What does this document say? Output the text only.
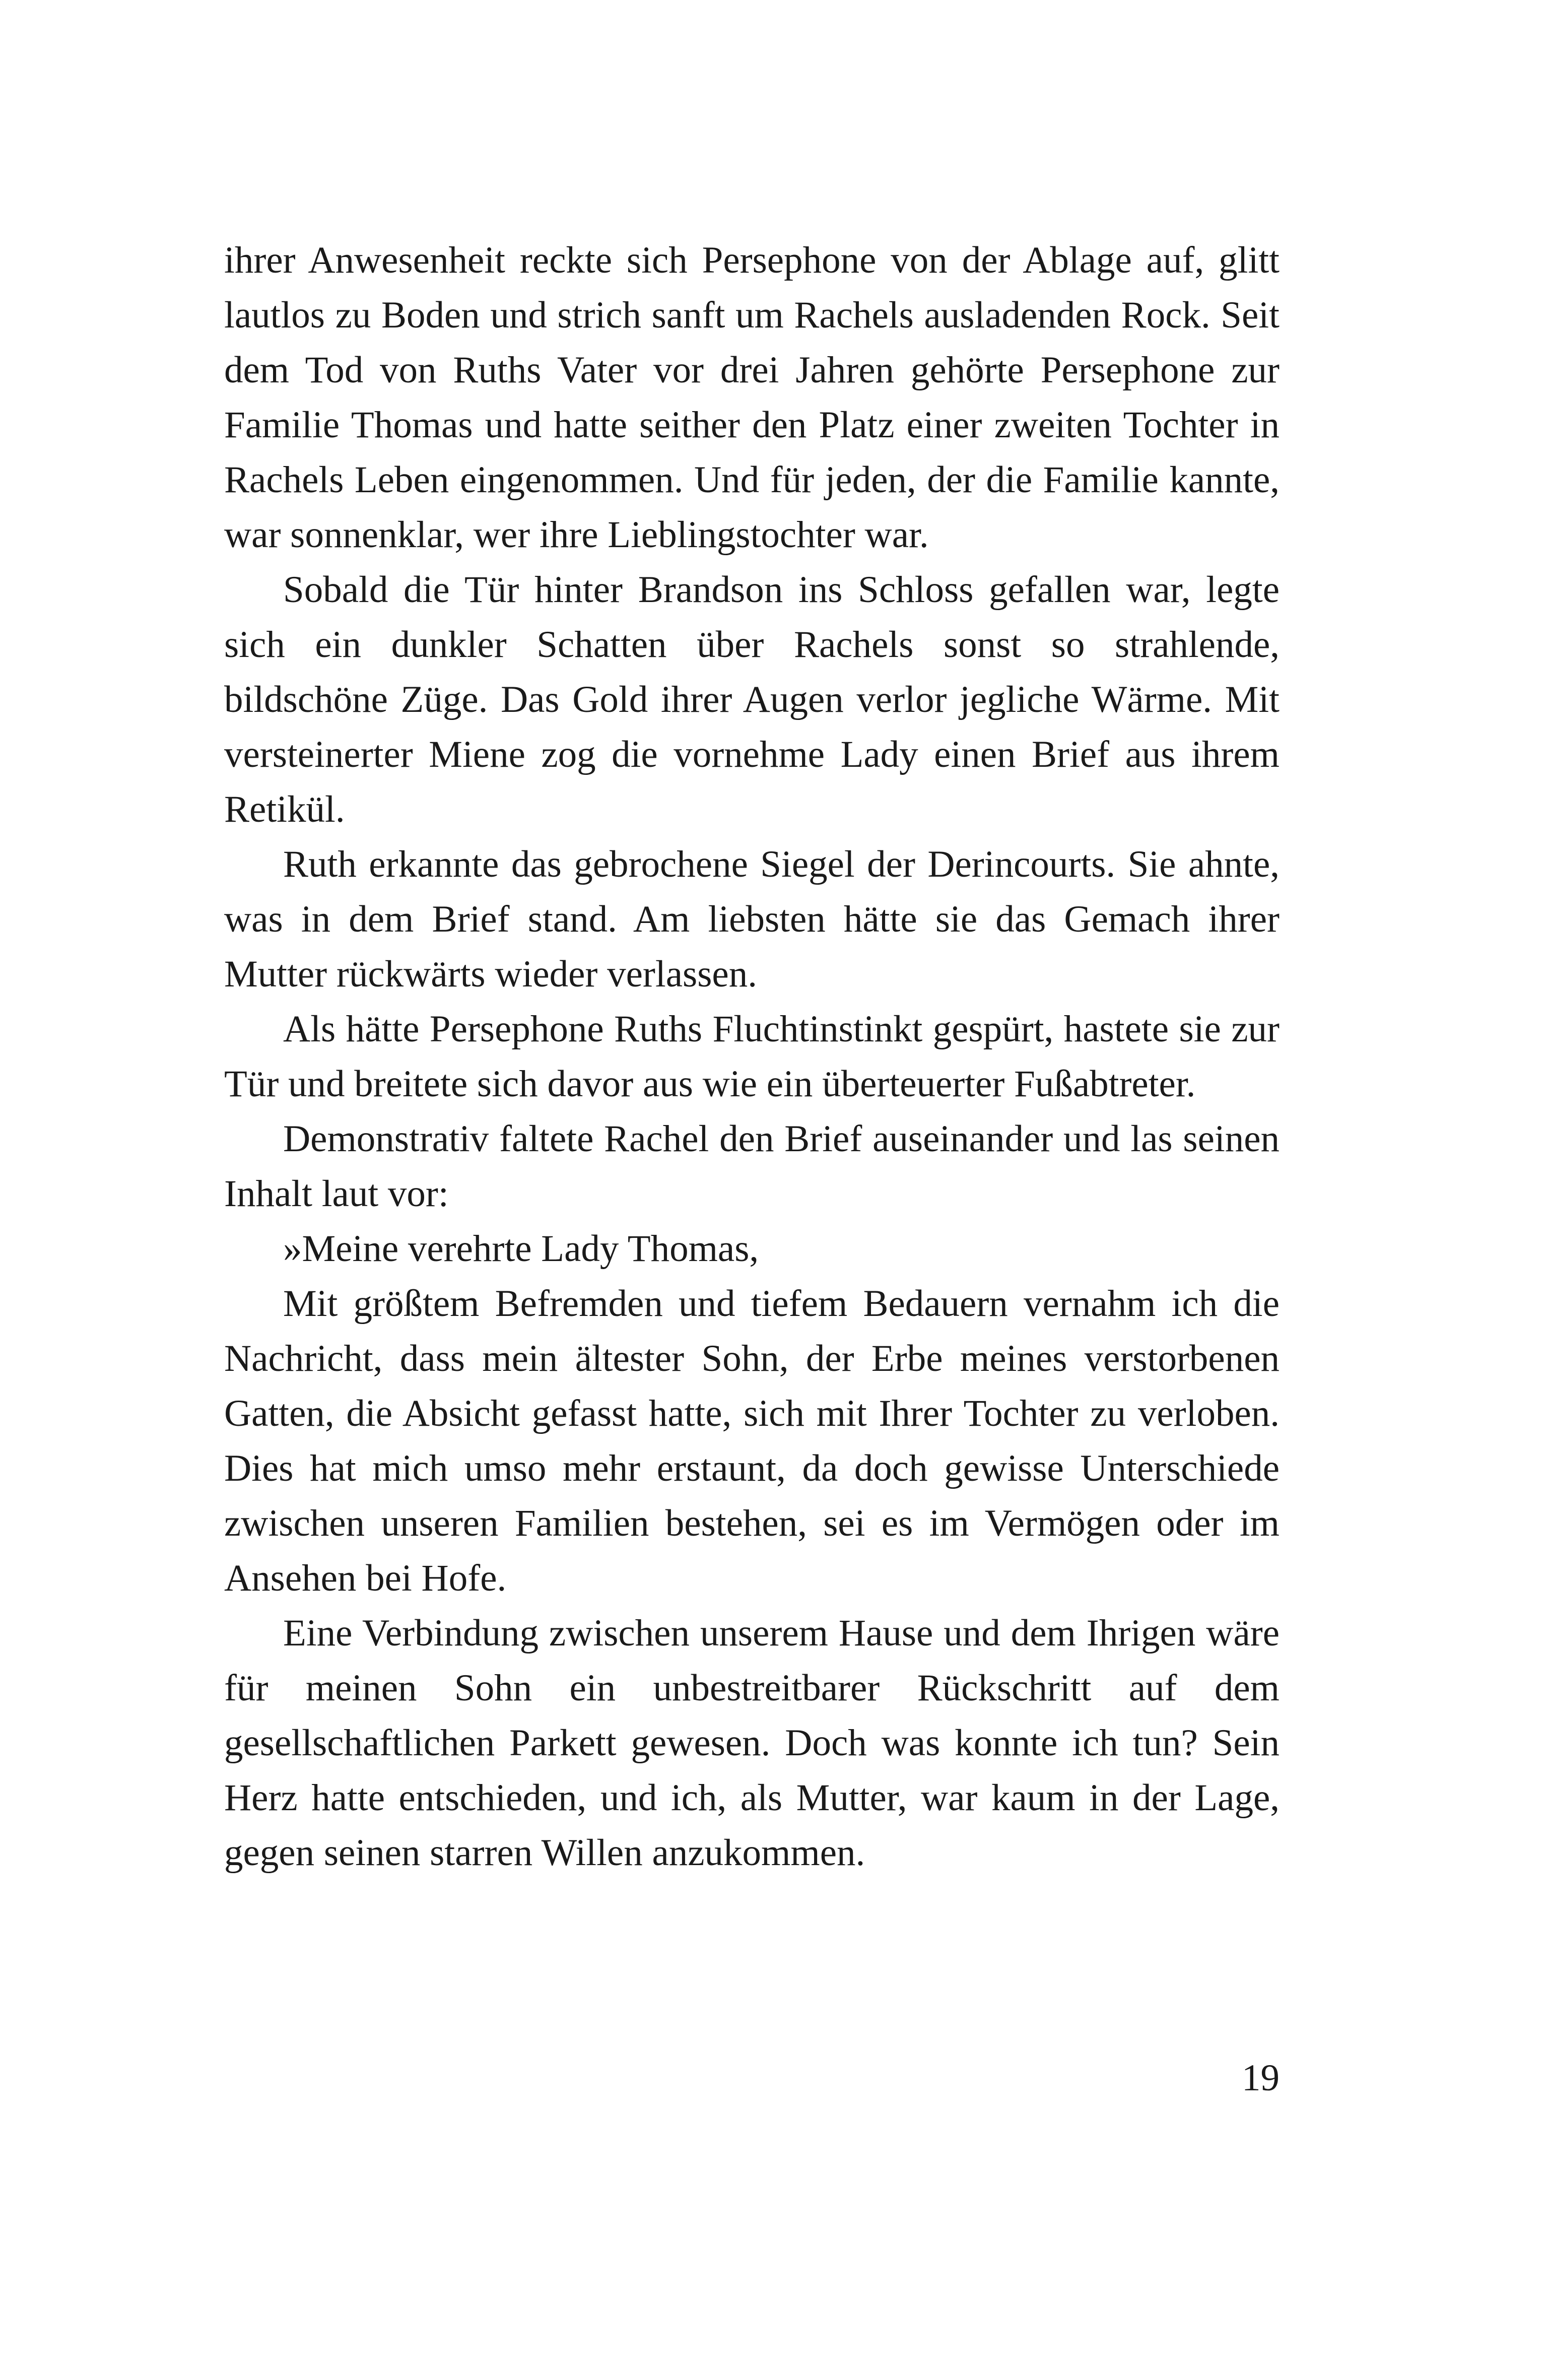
ihrer Anwesenheit reckte sich Persephone von der Ablage auf, glitt lautlos zu Boden und strich sanft um Rachels ausladenden Rock. Seit dem Tod von Ruths Vater vor drei Jahren gehörte Persephone zur Familie Thomas und hatte seither den Platz einer zweiten Tochter in Rachels Leben eingenommen. Und für jeden, der die Familie kannte, war sonnenklar, wer ihre Lieblingstochter war.

Sobald die Tür hinter Brandson ins Schloss gefallen war, legte sich ein dunkler Schatten über Rachels sonst so strahlende, bildschöne Züge. Das Gold ihrer Augen verlor jegliche Wärme. Mit versteinerter Miene zog die vornehme Lady einen Brief aus ihrem Retikül.

Ruth erkannte das gebrochene Siegel der Derincourts. Sie ahnte, was in dem Brief stand. Am liebsten hätte sie das Gemach ihrer Mutter rückwärts wieder verlassen.

Als hätte Persephone Ruths Fluchtinstinkt gespürt, hastete sie zur Tür und breitete sich davor aus wie ein überteuerter Fußabtreter.

Demonstrativ faltete Rachel den Brief auseinander und las seinen Inhalt laut vor:

»Meine verehrte Lady Thomas,

Mit größtem Befremden und tiefem Bedauern vernahm ich die Nachricht, dass mein ältester Sohn, der Erbe meines verstorbenen Gatten, die Absicht gefasst hatte, sich mit Ihrer Tochter zu verloben. Dies hat mich umso mehr erstaunt, da doch gewisse Unterschiede zwischen unseren Familien bestehen, sei es im Vermögen oder im Ansehen bei Hofe.

Eine Verbindung zwischen unserem Hause und dem Ihrigen wäre für meinen Sohn ein unbestreitbarer Rückschritt auf dem gesellschaftlichen Parkett gewesen. Doch was konnte ich tun? Sein Herz hatte entschieden, und ich, als Mutter, war kaum in der Lage, gegen seinen starren Willen anzukommen.

19
